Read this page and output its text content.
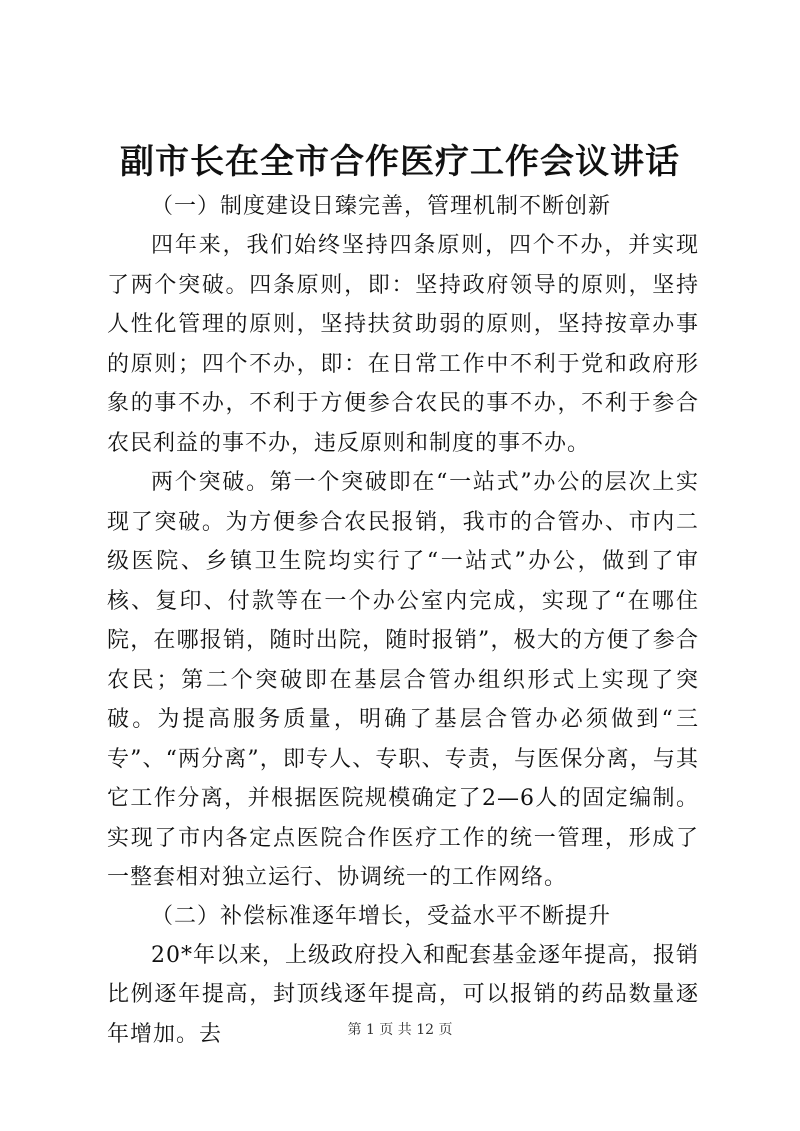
副市长在全市合作医疗工作会议讲话

（一）制度建设日臻完善，管理机制不断创新

四年来，我们始终坚持四条原则，四个不办，并实现了两个突破。四条原则，即：坚持政府领导的原则，坚持人性化管理的原则，坚持扶贫助弱的原则，坚持按章办事的原则；四个不办，即：在日常工作中不利于党和政府形象的事不办，不利于方便参合农民的事不办，不利于参合农民利益的事不办，违反原则和制度的事不办。

两个突破。第一个突破即在“一站式”办公的层次上实现了突破。为方便参合农民报销，我市的合管办、市内二级医院、乡镇卫生院均实行了“一站式”办公，做到了审核、复印、付款等在一个办公室内完成，实现了“在哪住院，在哪报销，随时出院，随时报销”，极大的方便了参合农民；第二个突破即在基层合管办组织形式上实现了突破。为提高服务质量，明确了基层合管办必须做到“三专”、“两分离”，即专人、专职、专责，与医保分离，与其它工作分离，并根据医院规模确定了2—6人的固定编制。实现了市内各定点医院合作医疗工作的统一管理，形成了一整套相对独立运行、协调统一的工作网络。

（二）补偿标准逐年增长，受益水平不断提升

20*年以来，上级政府投入和配套基金逐年提高，报销比例逐年提高，封顶线逐年提高，可以报销的药品数量逐年增加。去	第 1 页 共 12 页
